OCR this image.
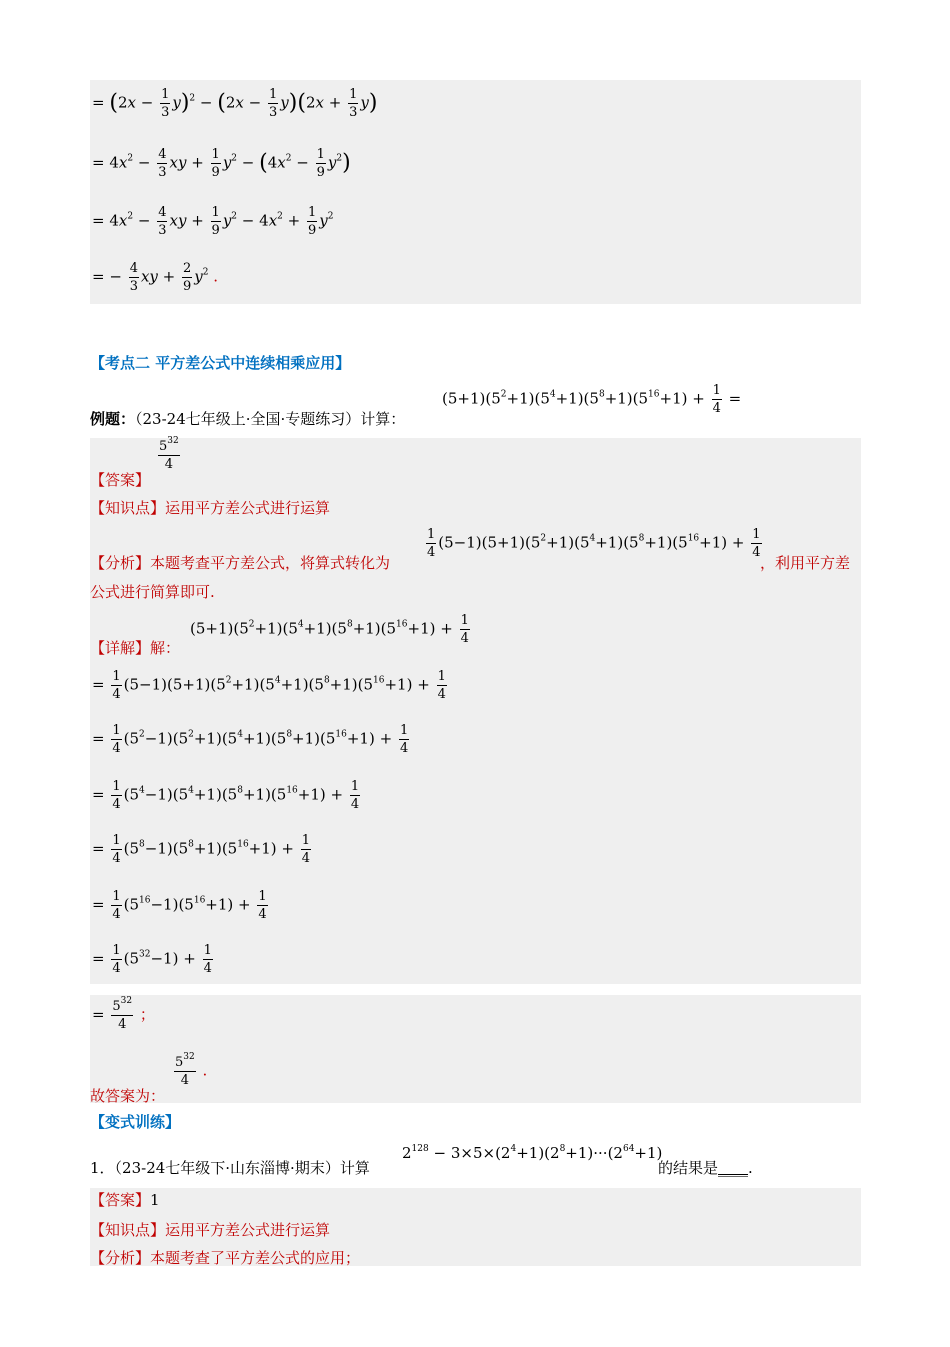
= $(2x - \frac{1}{3} y)^2 - (2x - \frac{1}{3} y)(2x + \frac{1}{3} y)$
= $4x^2 - \frac{4}{3}$ xy + $\frac{1}{9} y^2 - (4x^2 - \frac{1}{9} y^2)$
= $4x^2 - \frac{4}{3}$ xy + $\frac{1}{9} y^2 - 4x^2 + \frac{1}{9} y^2$
= − $\frac{4}{3}$ xy + $\frac{2}{9} y^2$ .
【考点二 平方差公式中连续相乘应用】
例题：（23-24七年级上·全国·专题练习）计算：
$(5+1)(5^2+1)(5^4+1)(5^8+1)(5^{16}+1) + \frac{1}{4}$ =
$\frac{5^{32}}{4}$
【答案】
【知识点】运用平方差公式进行运算
【分析】本题考查平方差公式，将算式转化为
$\frac{1}{4} (5-1)(5+1)(5^2+1)(5^4+1)(5^8+1)(5^{16}+1) + \frac{1}{4}$
，利用平方差
公式进行简算即可.
【详解】解：
$(5+1)(5^2+1)(5^4+1)(5^8+1)(5^{16}+1) + \frac{1}{4}$
= $\frac{1}{4} (5-1)(5+1)(5^2+1)(5^4+1)(5^8+1)(5^{16}+1) + \frac{1}{4}$
= $\frac{1}{4} (5^2-1)(5^2+1)(5^4+1)(5^8+1)(5^{16}+1) + \frac{1}{4}$
= $\frac{1}{4} (5^4-1)(5^4+1)(5^8+1)(5^{16}+1) + \frac{1}{4}$
= $\frac{1}{4} (5^8-1)(5^8+1)(5^{16}+1) + \frac{1}{4}$
= $\frac{1}{4} (5^{16}-1)(5^{16}+1) + \frac{1}{4}$
= $\frac{1}{4} (5^{32}-1) + \frac{1}{4}$
= $\frac{5^{32}}{4}$ ；
故答案为：
$\frac{5^{32}}{4}$ .
【变式训练】
1．（23-24七年级下·山东淄博·期末）计算
$2^{128} - 3\times 5\times(2^4+1)(2^8+1)\cdot\cdot\cdot(2^{64}+1)$
的结果是____.
【答案】1
【知识点】运用平方差公式进行运算
【分析】本题考查了平方差公式的应用；
